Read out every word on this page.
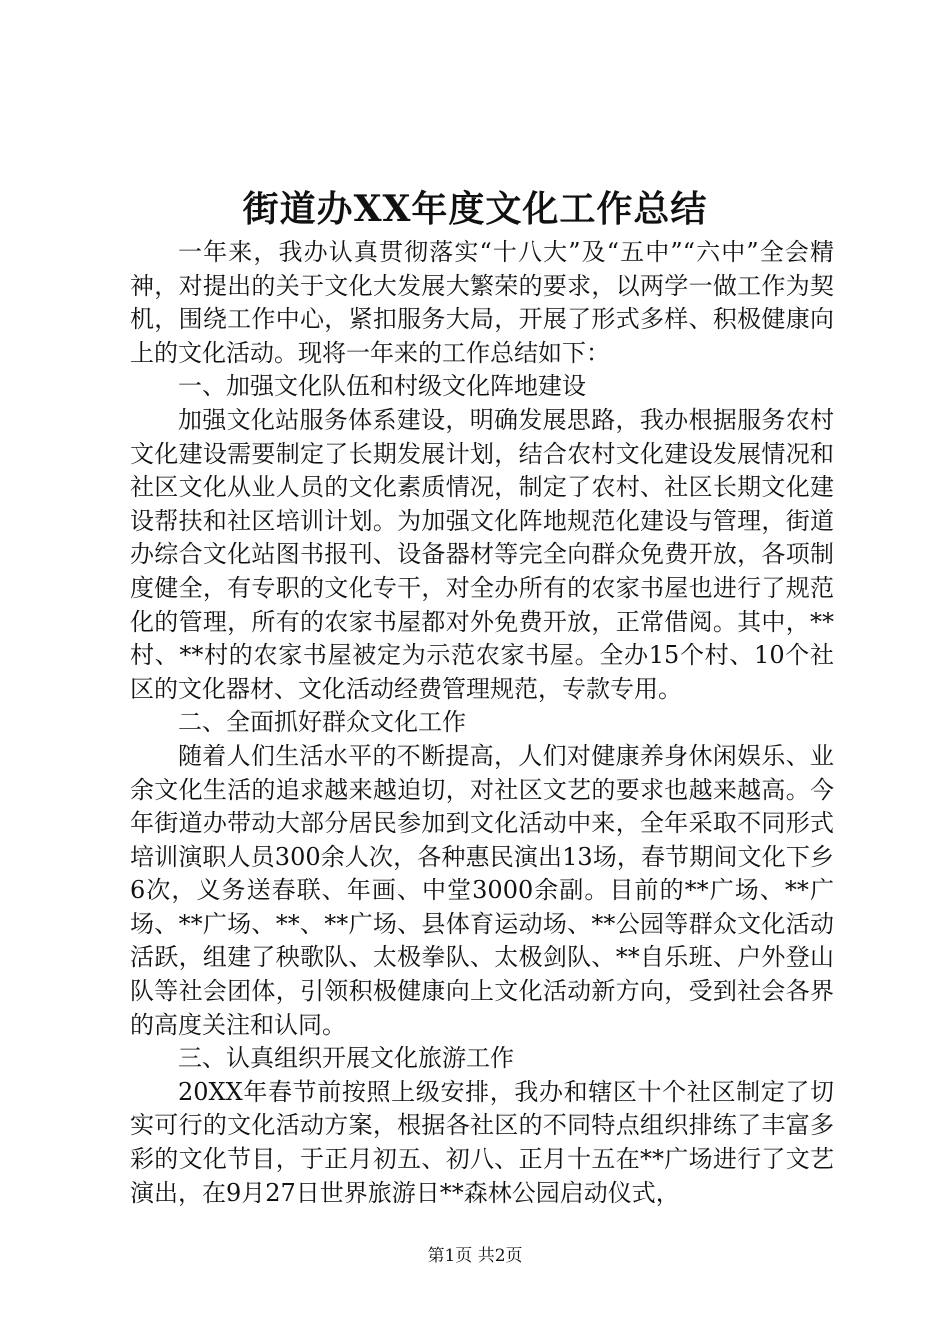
街道办XX年度文化工作总结

一年来，我办认真贯彻落实“十八大”及“五中”“六中”全会精神，对提出的关于文化大发展大繁荣的要求，以两学一做工作为契机，围绕工作中心，紧扣服务大局，开展了形式多样、积极健康向上的文化活动。现将一年来的工作总结如下：

一、加强文化队伍和村级文化阵地建设

加强文化站服务体系建设，明确发展思路，我办根据服务农村文化建设需要制定了长期发展计划，结合农村文化建设发展情况和社区文化从业人员的文化素质情况，制定了农村、社区长期文化建设帮扶和社区培训计划。为加强文化阵地规范化建设与管理，街道办综合文化站图书报刊、设备器材等完全向群众免费开放，各项制度健全，有专职的文化专干，对全办所有的农家书屋也进行了规范化的管理，所有的农家书屋都对外免费开放，正常借阅。其中，**村、**村的农家书屋被定为示范农家书屋。全办15个村、10个社区的文化器材、文化活动经费管理规范，专款专用。

二、全面抓好群众文化工作

随着人们生活水平的不断提高，人们对健康养身休闲娱乐、业余文化生活的追求越来越迫切，对社区文艺的要求也越来越高。今年街道办带动大部分居民参加到文化活动中来，全年采取不同形式培训演职人员300余人次，各种惠民演出13场，春节期间文化下乡6次，义务送春联、年画、中堂3000余副。目前的**广场、**广场、**广场、**、**广场、县体育运动场、**公园等群众文化活动活跃，组建了秧歌队、太极拳队、太极剑队、**自乐班、户外登山队等社会团体，引领积极健康向上文化活动新方向，受到社会各界的高度关注和认同。

三、认真组织开展文化旅游工作

20XX年春节前按照上级安排，我办和辖区十个社区制定了切实可行的文化活动方案，根据各社区的不同特点组织排练了丰富多彩的文化节目，于正月初五、初八、正月十五在**广场进行了文艺演出，在9月27日世界旅游日**森林公园启动仪式，

第1页 共2页
